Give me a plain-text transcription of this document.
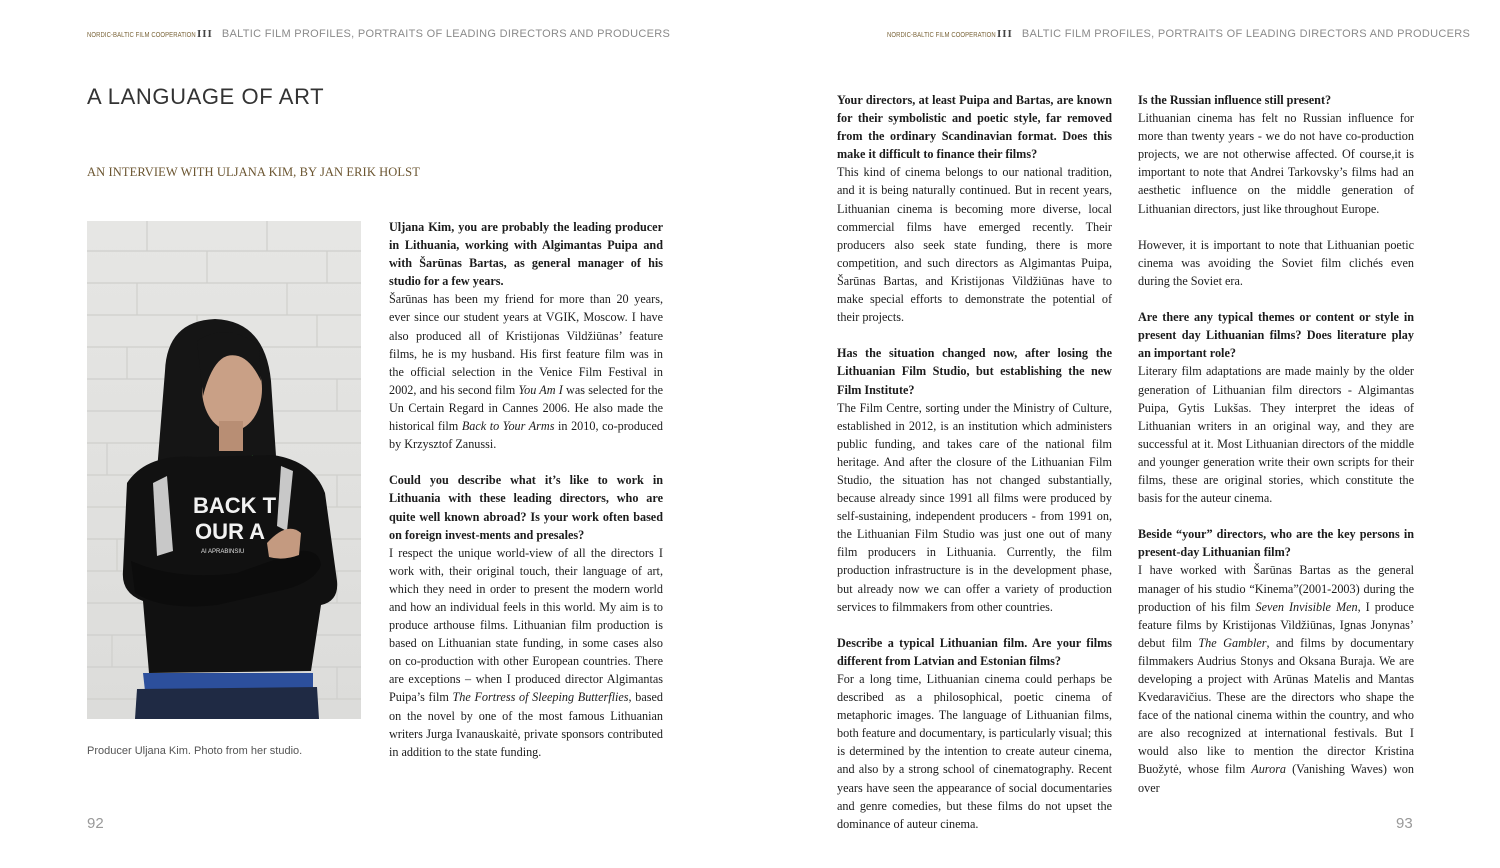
NORDIC-BALTIC FILM COOPERATION III BALTIC FILM PROFILES, PORTRAITS OF LEADING DIRECTORS AND PRODUCERS
A LANGUAGE OF ART
AN INTERVIEW WITH ULJANA KIM, BY JAN ERIK HOLST
BACK T
OUR A
AI APRABINSIU
Producer Uljana Kim. Photo from her studio.

Uljana Kim, you are probably the leading producer in Lithuania, working with Algimantas Puipa and with Šarūnas Bartas, as general manager of his studio for a few years.

Šarūnas has been my friend for more than 20 years, ever since our student years at VGIK, Moscow. I have also produced all of Kristijonas Vildžiūnas’ feature films, he is my husband. His first feature film was in the official selection in the Venice Film Festival in 2002, and his second film You Am I was selected for the Un Certain Regard in Cannes 2006. He also made the historical film Back to Your Arms in 2010, co-produced by Krzysztof Zanussi.

Could you describe what it’s like to work in Lithuania with these leading directors, who are quite well known abroad? Is your work often based on foreign invest-ments and presales?

I respect the unique world-view of all the directors I work with, their original touch, their language of art, which they need in order to present the modern world and how an individual feels in this world. My aim is to produce arthouse films. Lithuanian film production is based on Lithuanian state funding, in some cases also on co-production with other European countries. There are exceptions – when I produced director Algimantas Puipa’s film The Fortress of Sleeping Butterflies, based on the novel by one of the most famous Lithuanian writers Jurga Ivanauskaitė, private sponsors contributed in addition to the state funding.

92
NORDIC-BALTIC FILM COOPERATION III BALTIC FILM PROFILES, PORTRAITS OF LEADING DIRECTORS AND PRODUCERS

Your directors, at least Puipa and Bartas, are known for their symbolistic and poetic style, far removed from the ordinary Scandinavian format. Does this make it difficult to finance their films?

This kind of cinema belongs to our national tradition, and it is being naturally continued. But in recent years, Lithuanian cinema is becoming more diverse, local commercial films have emerged recently. Their producers also seek state funding, there is more competition, and such directors as Algimantas Puipa, Šarūnas Bartas, and Kristijonas Vildžiūnas have to make special efforts to demonstrate the potential of their projects.

Has the situation changed now, after losing the Lithuanian Film Studio, but establishing the new Film Institute?

The Film Centre, sorting under the Ministry of Culture, established in 2012, is an institution which administers public funding, and takes care of the national film heritage. And after the closure of the Lithuanian Film Studio, the situation has not changed substantially, because already since 1991 all films were produced by self-sustaining, independent producers - from 1991 on, the Lithuanian Film Studio was just one out of many film producers in Lithuania. Currently, the film production infrastructure is in the development phase, but already now we can offer a variety of production services to filmmakers from other countries.

Describe a typical Lithuanian film. Are your films different from Latvian and Estonian films?

For a long time, Lithuanian cinema could perhaps be described as a philosophical, poetic cinema of metaphoric images. The language of Lithuanian films, both feature and documentary, is particularly visual; this is determined by the intention to create auteur cinema, and also by a strong school of cinematography. Recent years have seen the appearance of social documentaries and genre comedies, but these films do not upset the dominance of auteur cinema.

Is the Russian influence still present?

Lithuanian cinema has felt no Russian influence for more than twenty years - we do not have co-production projects, we are not otherwise affected. Of course,it is important to note that Andrei Tarkovsky’s films had an aesthetic influence on the middle generation of Lithuanian directors, just like throughout Europe.

However, it is important to note that Lithuanian poetic cinema was avoiding the Soviet film clichés even during the Soviet era.

Are there any typical themes or content or style in present day Lithuanian films? Does literature play an important role?

Literary film adaptations are made mainly by the older generation of Lithuanian film directors - Algimantas Puipa, Gytis Lukšas. They interpret the ideas of Lithuanian writers in an original way, and they are successful at it. Most Lithuanian directors of the middle and younger generation write their own scripts for their films, these are original stories, which constitute the basis for the auteur cinema.

Beside “your” directors, who are the key persons in present-day Lithuanian film?

I have worked with Šarūnas Bartas as the general manager of his studio “Kinema”(2001-2003) during the production of his film Seven Invisible Men, I produce feature films by Kristijonas Vildžiūnas, Ignas Jonynas’ debut film The Gambler, and films by documentary filmmakers Audrius Stonys and Oksana Buraja. We are developing a project with Arūnas Matelis and Mantas Kvedaravičius. These are the directors who shape the face of the national cinema within the country, and who are also recognized at international festivals. But I would also like to mention the director Kristina Buožytė, whose film Aurora (Vanishing Waves) won over

93
